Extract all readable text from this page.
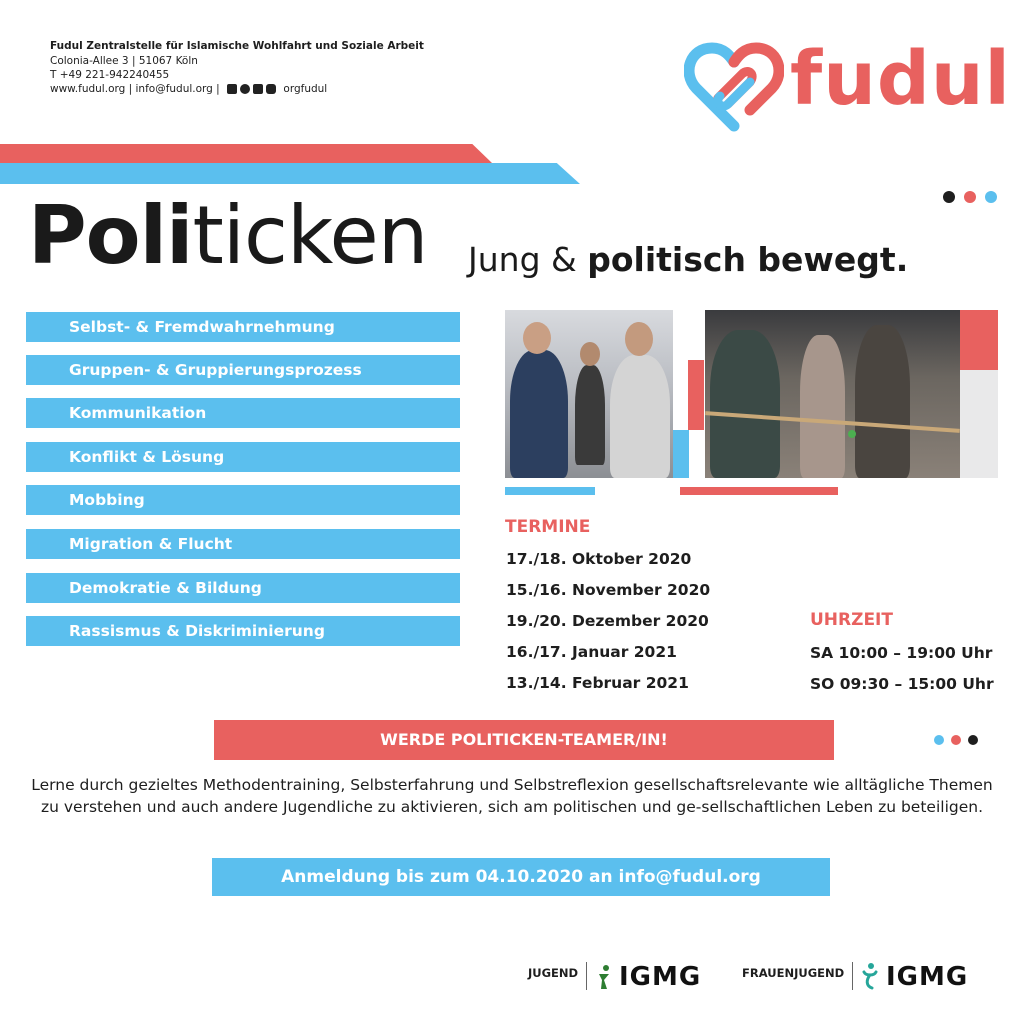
Fudul Zentralstelle für Islamische Wohlfahrt und Soziale Arbeit
Colonia-Allee 3 | 51067 Köln
T +49 221-942240455
www.fudul.org | info@fudul.org |	orgfudul	fudul
Politicken Jung & politisch bewegt.
Selbst- & Fremdwahrnehmung
Gruppen- & Gruppierungsprozess
Kommunikation
Konflikt & Lösung
Mobbing
Migration & Flucht
Demokratie & Bildung
Rassismus & Diskriminierung
TERMINE
17./18. Oktober 2020
15./16. November 2020
19./20. Dezember 2020
16./17. Januar 2021
13./14. Februar 2021
UHRZEIT
SA 10:00 – 19:00 Uhr
SO 09:30 – 15:00 Uhr
WERDE POLITICKEN-TEAMER/IN!
Lerne durch gezieltes Methodentraining, Selbsterfahrung und Selbstreflexion gesellschaftsrelevante wie alltägliche Themen zu verstehen und auch andere Jugendliche zu aktivieren, sich am politischen und ge-sellschaftlichen Leben zu beteiligen.
Anmeldung bis zum 04.10.2020 an info@fudul.org
JUGEND IGMG	FRAUENJUGEND IGMG
